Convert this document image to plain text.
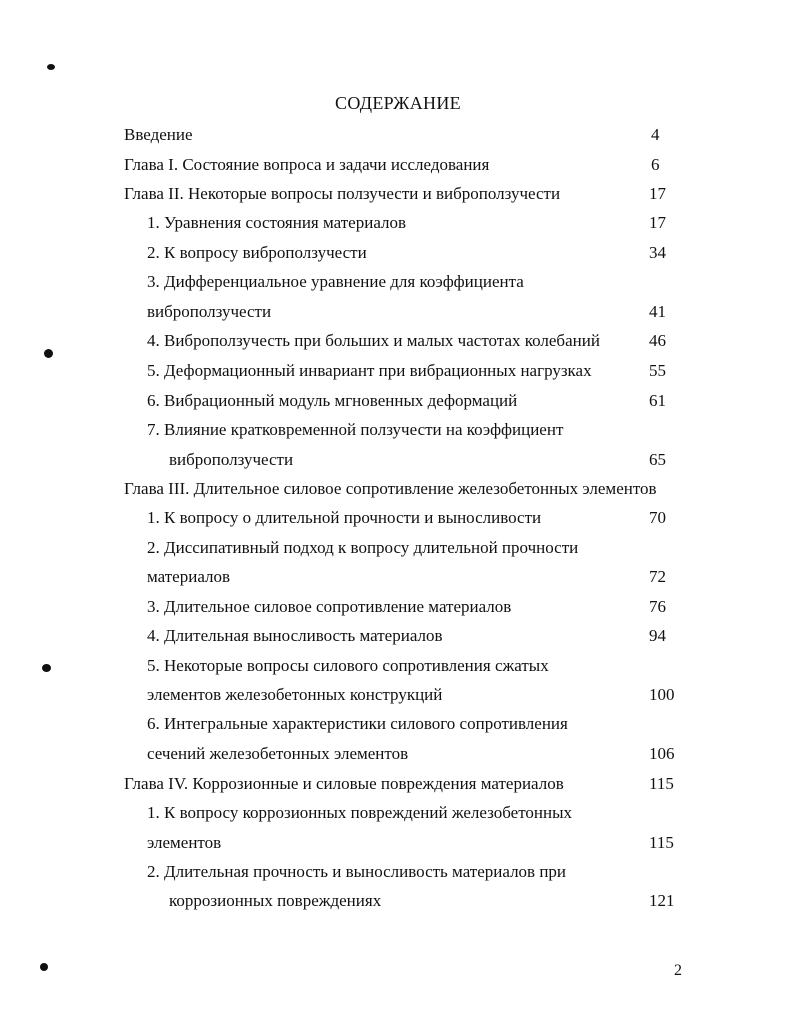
СОДЕРЖАНИЕ
Введение	4
Глава I. Состояние вопроса и задачи исследования	6
Глава II. Некоторые вопросы ползучести и виброползучести	17
1. Уравнения состояния материалов	17
2. К вопросу виброползучести	34
3. Дифференциальное уравнение для коэффициента
виброползучести	41
4. Виброползучесть при больших и малых частотах колебаний	46
5. Деформационный инвариант при вибрационных нагрузках	55
6. Вибрационный модуль мгновенных деформаций	61
7. Влияние кратковременной ползучести на коэффициент
виброползучести	65
Глава III. Длительное силовое сопротивление железобетонных элементов
1. К вопросу о длительной прочности и выносливости	70
2. Диссипативный подход к вопросу длительной прочности
материалов	72
3. Длительное силовое сопротивление материалов	76
4. Длительная выносливость материалов	94
5. Некоторые вопросы силового сопротивления сжатых
элементов железобетонных конструкций	100
6. Интегральные характеристики силового сопротивления
сечений железобетонных элементов	106
Глава IV. Коррозионные и силовые повреждения материалов	115
1. К вопросу коррозионных повреждений железобетонных
элементов	115
2. Длительная прочность и выносливость материалов при
коррозионных повреждениях	121
2
